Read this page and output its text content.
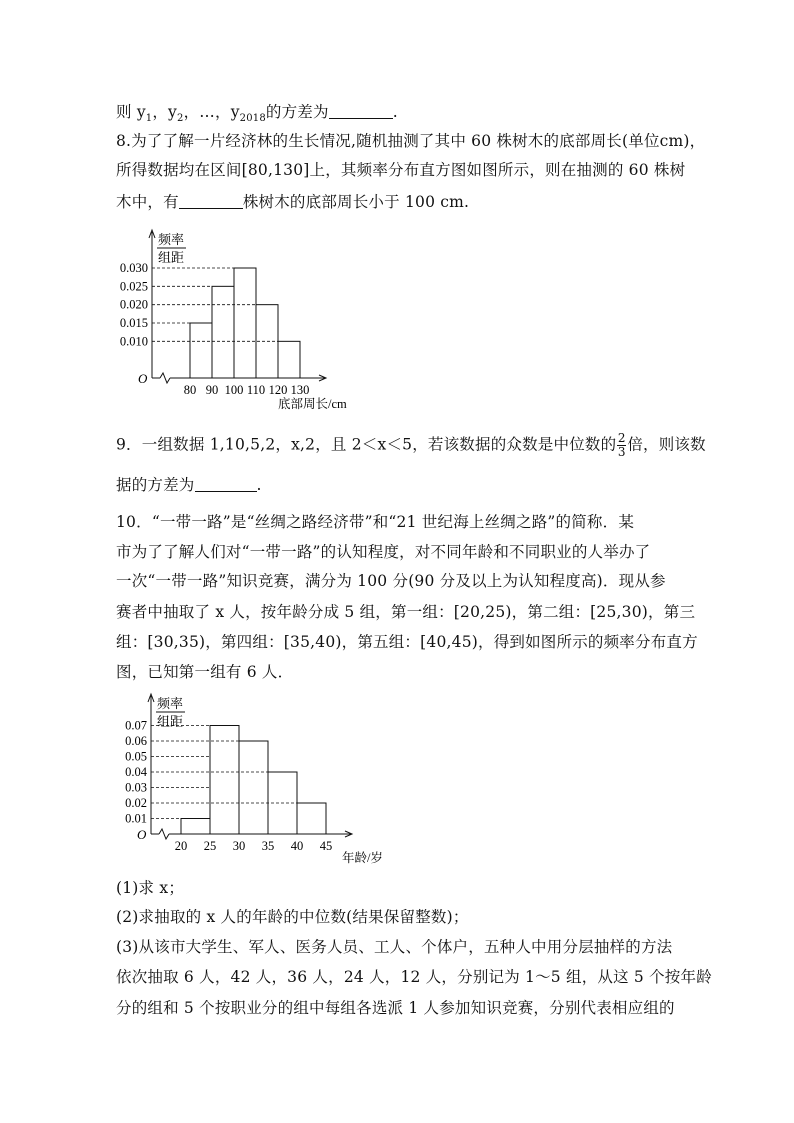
则 $y_1$，$y_2$，…，$y_{2018}$的方差为	.
8.为了了解一片经济林的生长情况,随机抽测了其中 60 株树木的底部周长(单位cm)，
所得数据均在区间[80,130]上，其频率分布直方图如图所示，则在抽测的 60 株树
木中，有	株树木的底部周长小于 100 cm.
O
频率
组距
0.030
0.025
0.020
0.015
0.010
80 90 100 110 120 130
底部周长/cm
9．一组数据 1,10,5,2，x,2，且 2＜x＜5，若该数据的众数是中位数的 $\frac{2}{3}$ 倍，则该数
据的方差为	.
10．“一带一路”是“丝绸之路经济带”和“21 世纪海上丝绸之路”的简称．某
市为了了解人们对“一带一路”的认知程度，对不同年龄和不同职业的人举办了
一次“一带一路”知识竞赛，满分为 100 分(90 分及以上为认知程度高)．现从参
赛者中抽取了 x 人，按年龄分成 5 组，第一组：[20,25)，第二组：[25,30)，第三
组：[30,35)，第四组：[35,40)，第五组：[40,45)，得到如图所示的频率分布直方
图，已知第一组有 6 人．
O
频率
组距
0.07
0.06
0.05
0.04
0.03
0.02
0.01
20 25 30 35 40 45
年龄/岁
(1)求 x；
(2)求抽取的 x 人的年龄的中位数(结果保留整数)；
(3)从该市大学生、军人、医务人员、工人、个体户，五种人中用分层抽样的方法
依次抽取 6 人，42 人，36 人，24 人，12 人，分别记为 1～5 组，从这 5 个按年龄
分的组和 5 个按职业分的组中每组各选派 1 人参加知识竞赛，分别代表相应组的
